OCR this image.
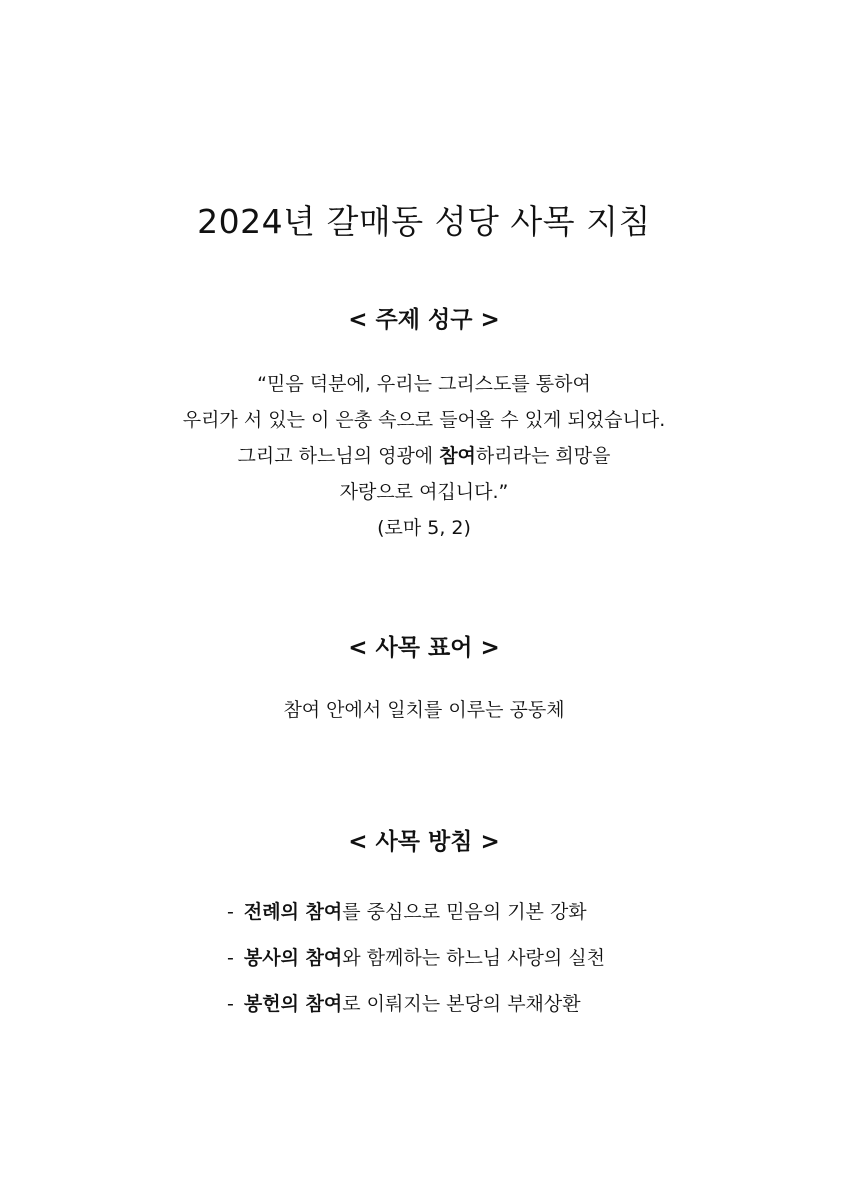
2024년 갈매동 성당 사목 지침
< 주제 성구 >
“믿음 덕분에, 우리는 그리스도를 통하여
우리가 서 있는 이 은총 속으로 들어올 수 있게 되었습니다.
그리고 하느님의 영광에 참여하리라는 희망을
자랑으로 여깁니다.”
(로마 5, 2)
< 사목 표어 >
참여 안에서 일치를 이루는 공동체
< 사목 방침 >
- 전례의 참여를 중심으로 믿음의 기본 강화
- 봉사의 참여와 함께하는 하느님 사랑의 실천
- 봉헌의 참여로 이뤄지는 본당의 부채상환
